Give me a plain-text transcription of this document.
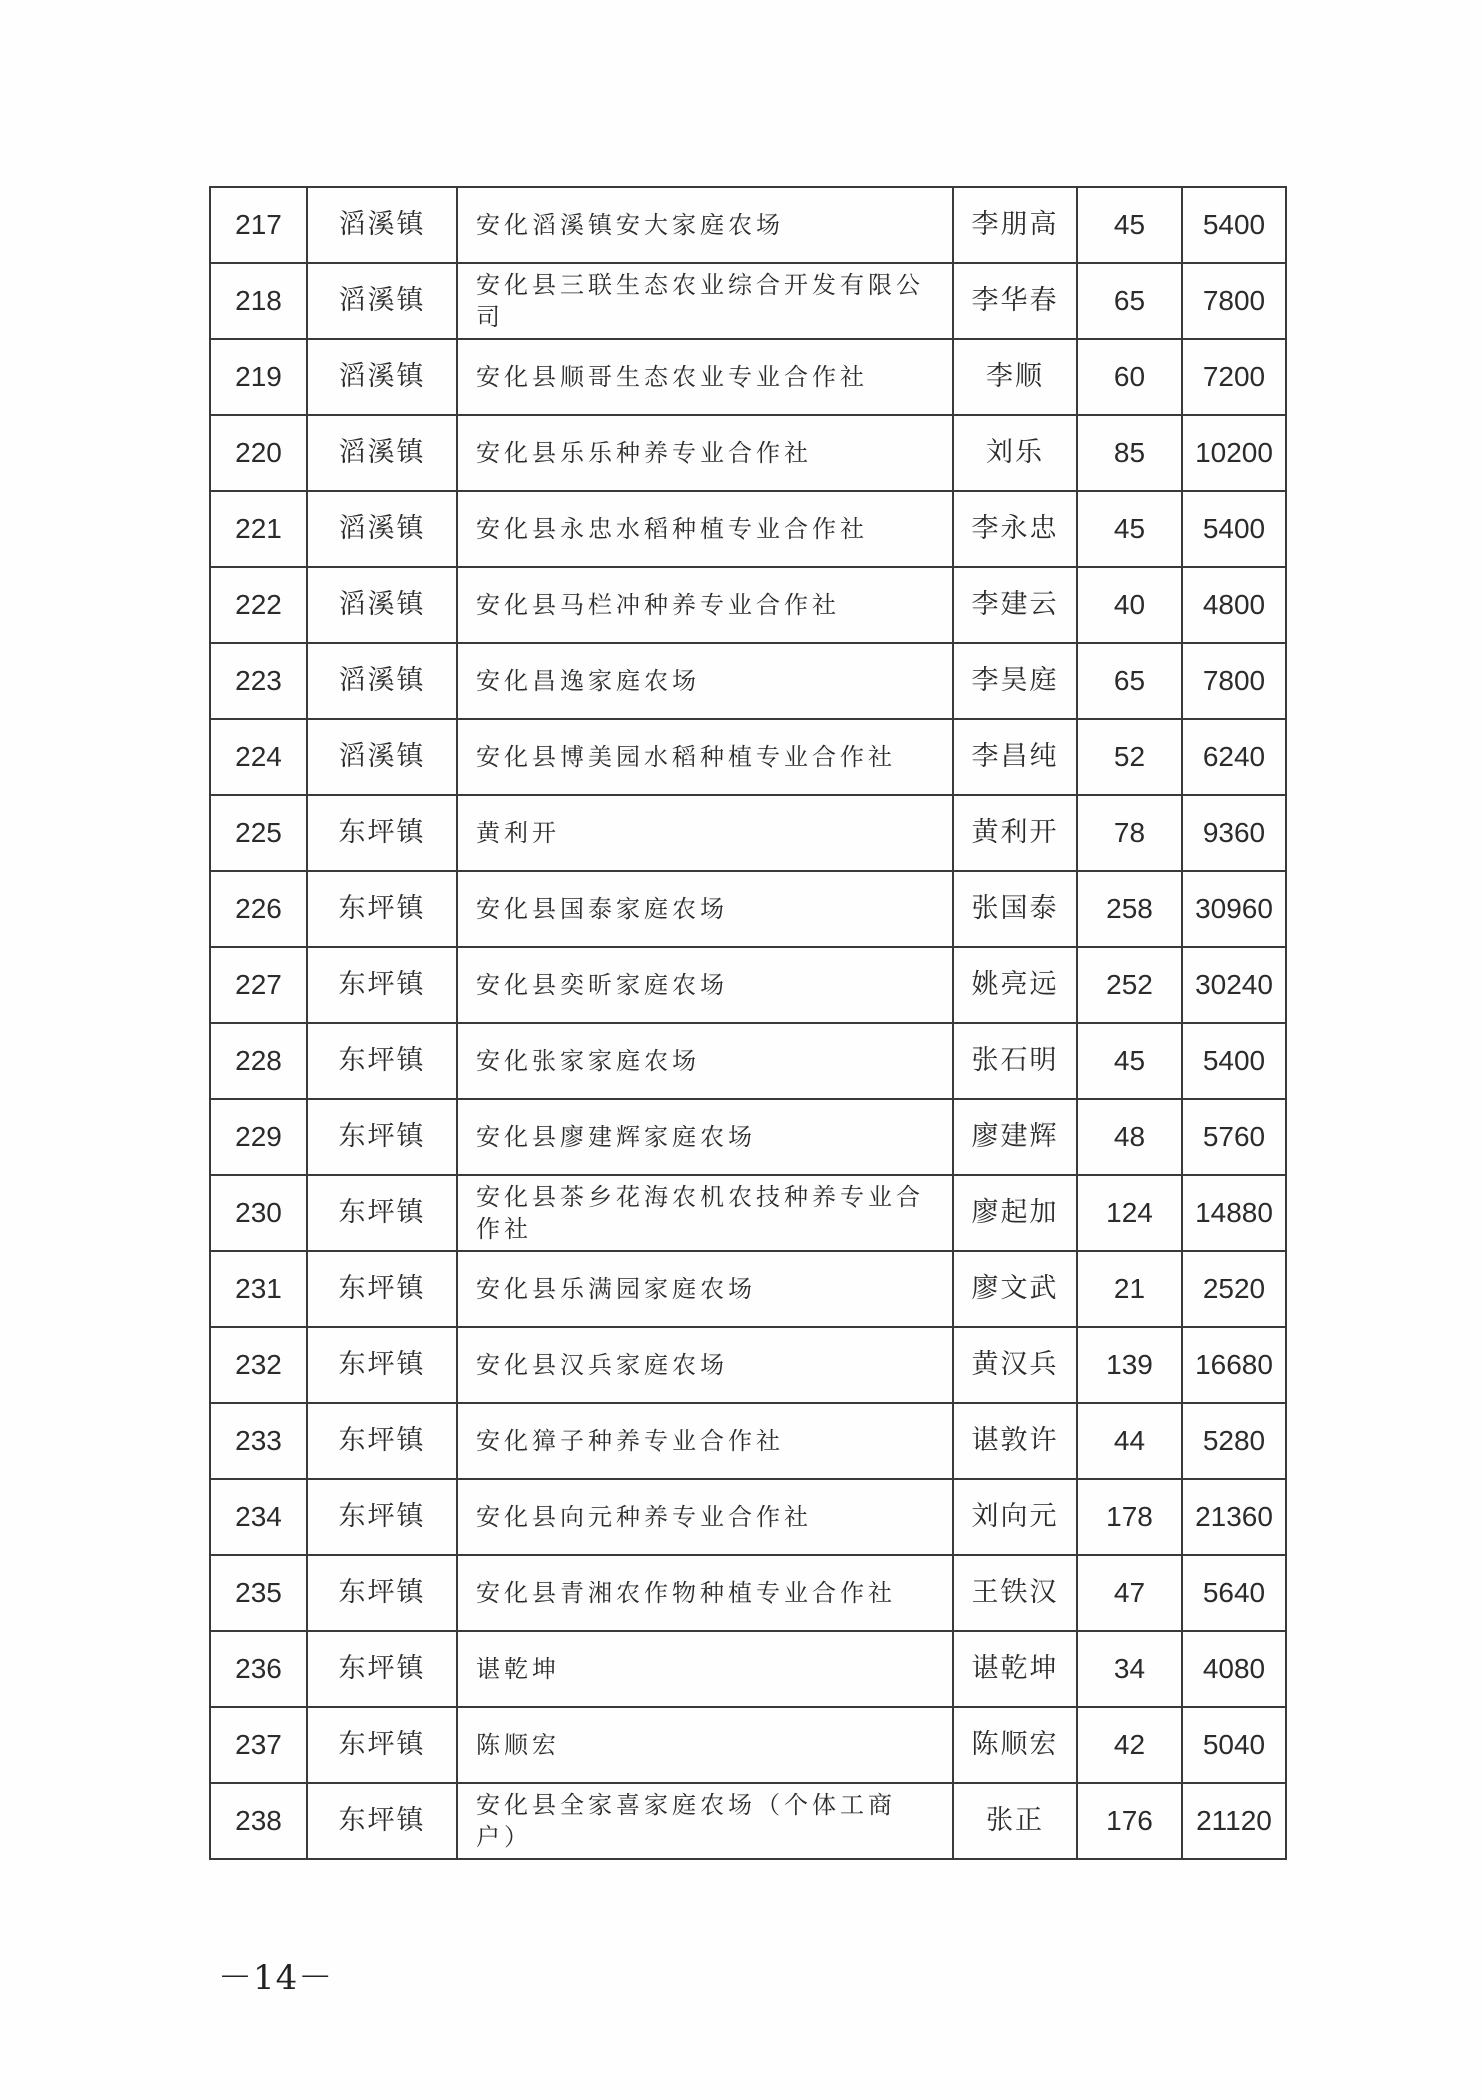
217	滔溪镇	安化滔溪镇安大家庭农场	李朋高	45	5400
218	滔溪镇	安化县三联生态农业综合开发有限公司	李华春	65	7800
219	滔溪镇	安化县顺哥生态农业专业合作社	李顺	60	7200
220	滔溪镇	安化县乐乐种养专业合作社	刘乐	85	10200
221	滔溪镇	安化县永忠水稻种植专业合作社	李永忠	45	5400
222	滔溪镇	安化县马栏冲种养专业合作社	李建云	40	4800
223	滔溪镇	安化昌逸家庭农场	李昊庭	65	7800
224	滔溪镇	安化县博美园水稻种植专业合作社	李昌纯	52	6240
225	东坪镇	黄利开	黄利开	78	9360
226	东坪镇	安化县国泰家庭农场	张国泰	258	30960
227	东坪镇	安化县奕昕家庭农场	姚亮远	252	30240
228	东坪镇	安化张家家庭农场	张石明	45	5400
229	东坪镇	安化县廖建辉家庭农场	廖建辉	48	5760
230	东坪镇	安化县茶乡花海农机农技种养专业合作社	廖起加	124	14880
231	东坪镇	安化县乐满园家庭农场	廖文武	21	2520
232	东坪镇	安化县汉兵家庭农场	黄汉兵	139	16680
233	东坪镇	安化獐子种养专业合作社	谌敦许	44	5280
234	东坪镇	安化县向元种养专业合作社	刘向元	178	21360
235	东坪镇	安化县青湘农作物种植专业合作社	王铁汉	47	5640
236	东坪镇	谌乾坤	谌乾坤	34	4080
237	东坪镇	陈顺宏	陈顺宏	42	5040
238	东坪镇	安化县全家喜家庭农场（个体工商户）	张正	176	21120
－14－
